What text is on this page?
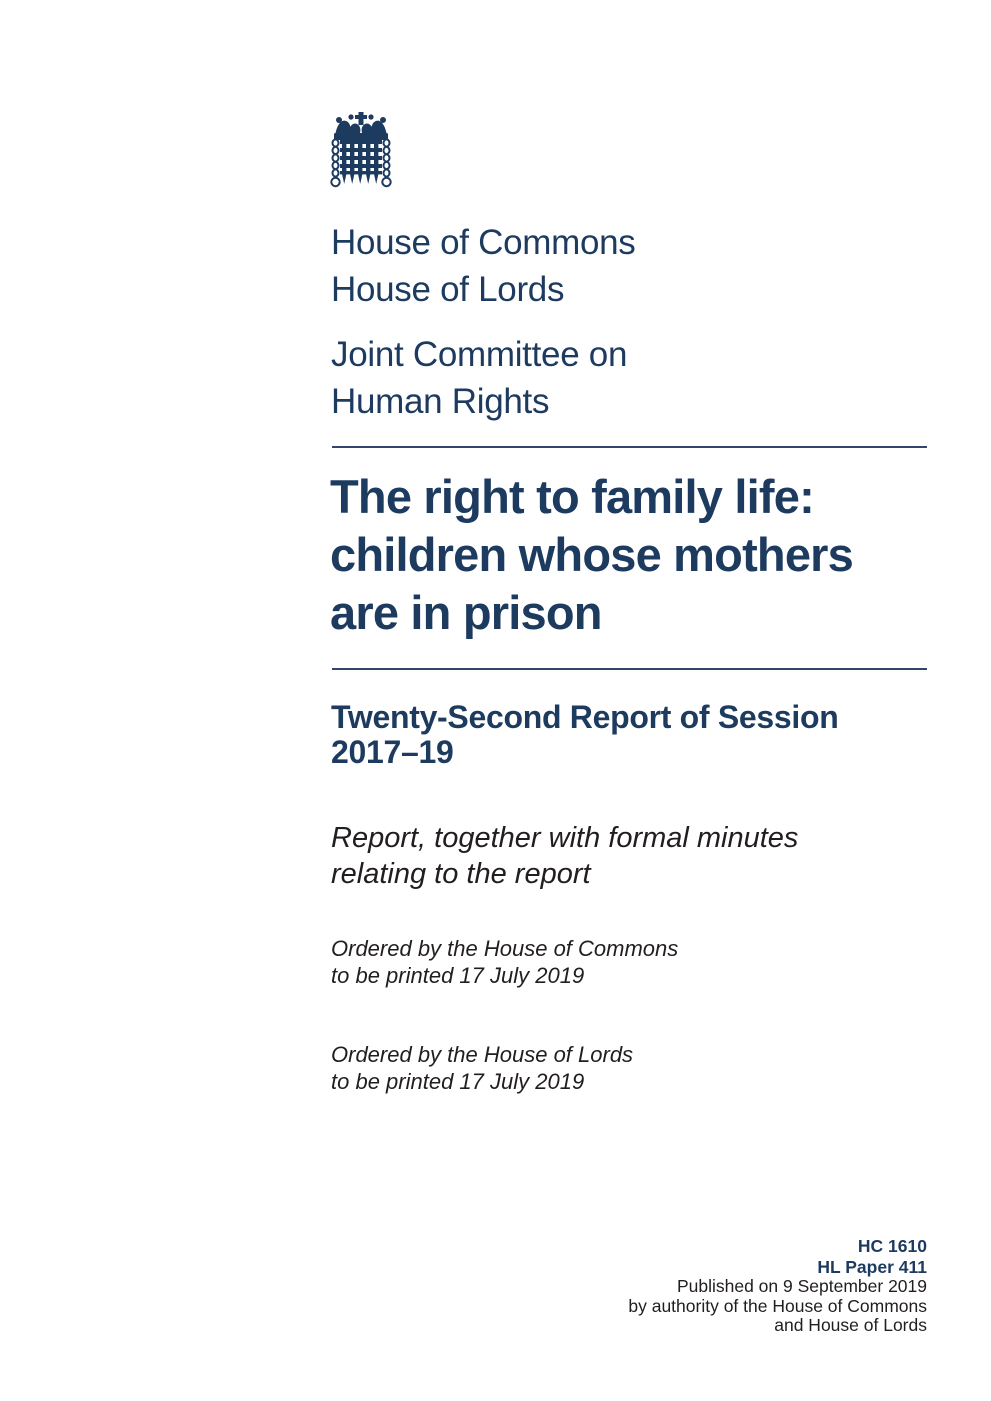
House of Commons
House of Lords
Joint Committee on
Human Rights
The right to family life:
children whose mothers
are in prison
Twenty-Second Report of Session
2017–19
Report, together with formal minutes
relating to the report
Ordered by the House of Commons
to be printed 17 July 2019
Ordered by the House of Lords
to be printed 17 July 2019
HC 1610
HL Paper 411
Published on 9 September 2019
by authority of the House of Commons
and House of Lords
